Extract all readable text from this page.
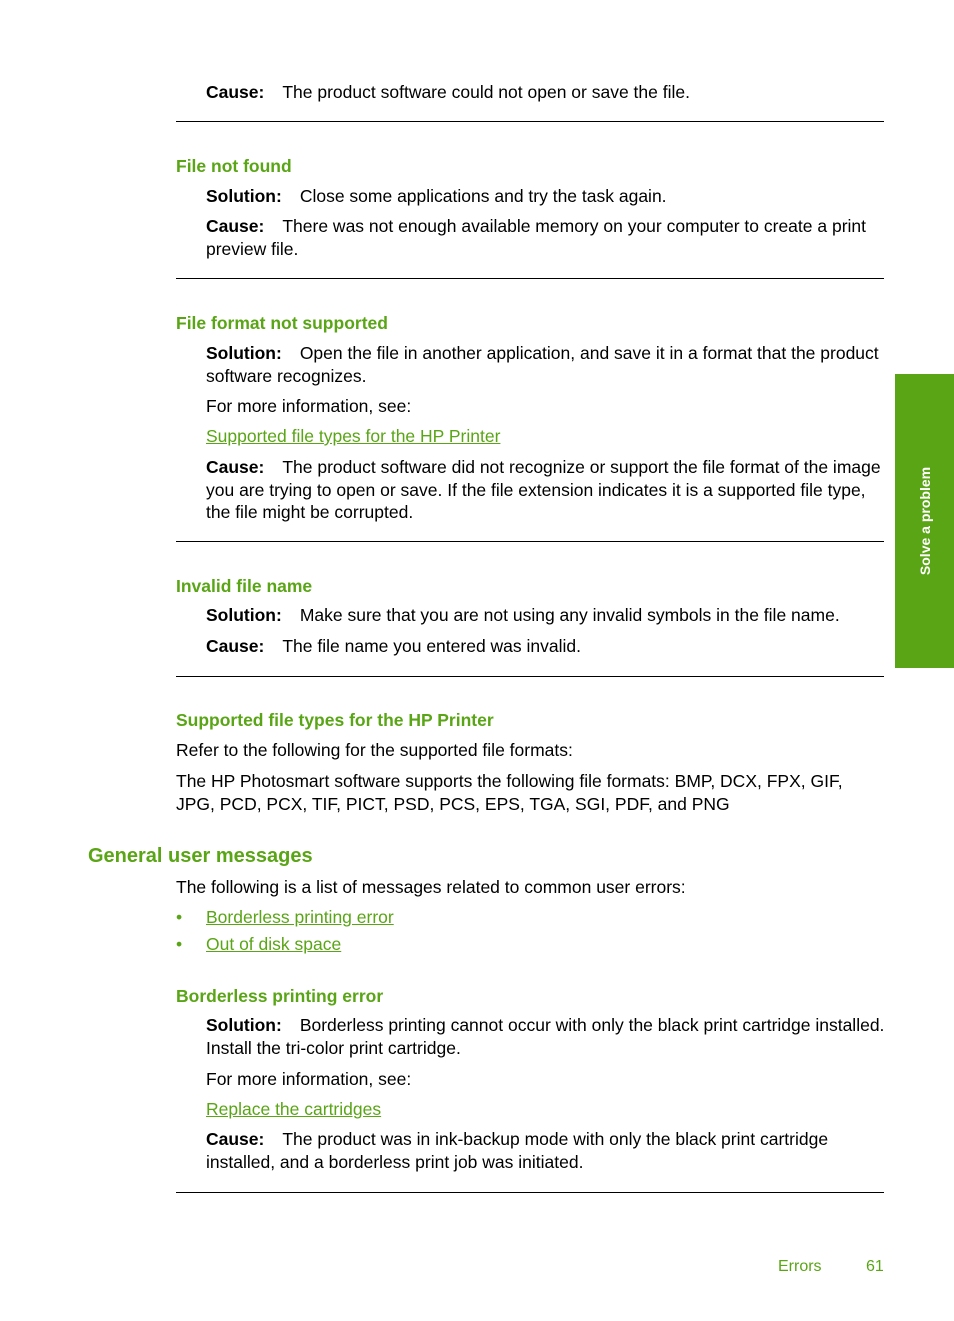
Cause: The product software could not open or save the file.
File not found
Solution: Close some applications and try the task again.
Cause: There was not enough available memory on your computer to create a print preview file.
File format not supported
Solution: Open the file in another application, and save it in a format that the product software recognizes.
For more information, see:
Supported file types for the HP Printer
Cause: The product software did not recognize or support the file format of the image you are trying to open or save. If the file extension indicates it is a supported file type, the file might be corrupted.
Invalid file name
Solution: Make sure that you are not using any invalid symbols in the file name.
Cause: The file name you entered was invalid.
Supported file types for the HP Printer
Refer to the following for the supported file formats:
The HP Photosmart software supports the following file formats: BMP, DCX, FPX, GIF, JPG, PCD, PCX, TIF, PICT, PSD, PCS, EPS, TGA, SGI, PDF, and PNG
General user messages
The following is a list of messages related to common user errors:
• Borderless printing error
• Out of disk space
Borderless printing error
Solution: Borderless printing cannot occur with only the black print cartridge installed. Install the tri-color print cartridge.
For more information, see:
Replace the cartridges
Cause: The product was in ink-backup mode with only the black print cartridge installed, and a borderless print job was initiated.
Solve a problem
Errors	61
